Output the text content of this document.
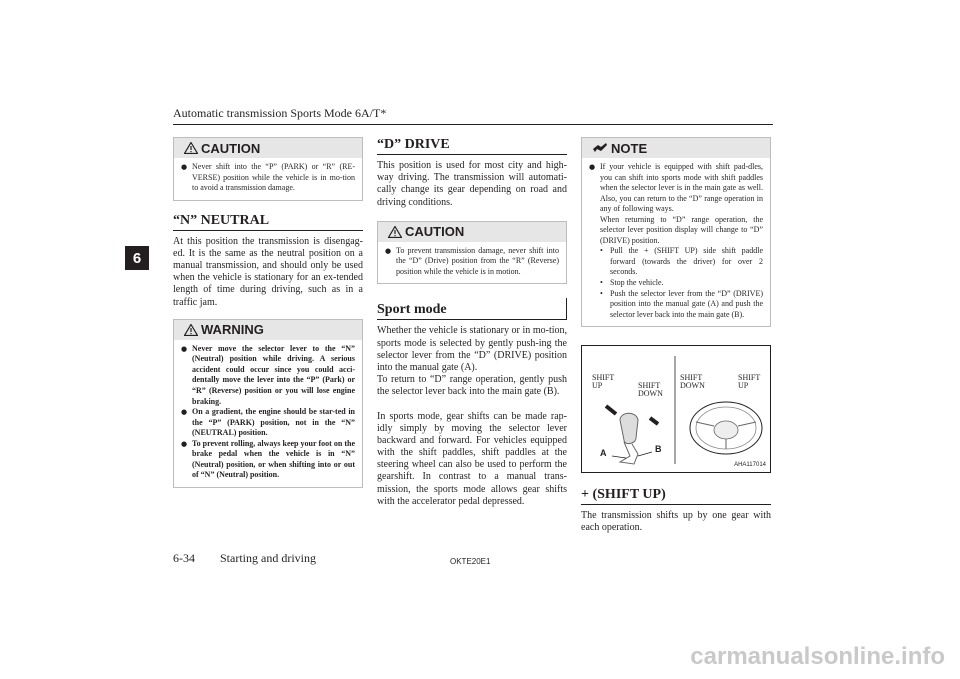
Automatic transmission Sports Mode 6A/T*
6
CAUTION
● Never shift into the “P” (PARK) or “R” (RE-VERSE) position while the vehicle is in mo-tion to avoid a transmission damage.
“N” NEUTRAL

At this position the transmission is disengag-ed. It is the same as the neutral position on a manual transmission, and should only be used when the vehicle is stationary for an ex-tended length of time during driving, such as in a traffic jam.

WARNING
● Never move the selector lever to the “N” (Neutral) position while driving. A serious accident could occur since you could acci-dentally move the lever into the “P” (Park) or “R” (Reverse) position or you will lose engine braking.
● On a gradient, the engine should be star-ted in the “P” (PARK) position, not in the “N” (NEUTRAL) position.
● To prevent rolling, always keep your foot on the brake pedal when the vehicle is in “N” (Neutral) position, or when shifting into or out of “N” (Neutral) position.
“D” DRIVE

This position is used for most city and high-way driving. The transmission will automati-cally change its gear depending on road and driving conditions.

CAUTION
● To prevent transmission damage, never shift into the “D” (Drive) position from the “R” (Reverse) position while the vehicle is in motion.
Sport mode

Whether the vehicle is stationary or in mo-tion, sports mode is selected by gently push-ing the selector lever from the “D” (DRIVE) position into the manual gate (A).

To return to “D” range operation, gently push the selector lever back into the main gate (B).

In sports mode, gear shifts can be made rap-idly simply by moving the selector lever backward and forward. For vehicles equipped with the shift paddles, shift paddles at the steering wheel can also be used to perform the gearshift. In contrast to a manual trans-mission, the sports mode allows gear shifts with the accelerator pedal depressed.

NOTE
● If your vehicle is equipped with shift pad-dles, you can shift into sports mode with shift paddles when the selector lever is in the main gate as well. Also, you can return to the “D” range operation in any of following ways.
When returning to “D” range operation, the selector lever position display will change to “D” (DRIVE) position.
• Pull the + (SHIFT UP) side shift paddle forward (towards the driver) for over 2 seconds.
• Stop the vehicle.
• Push the selector lever from the “D” (DRIVE) position into the manual gate (A) and push the selector lever back into the main gate (B).
SHIFT
UP	SHIFT
DOWN
SHIFT
DOWN
SHIFT
UP
A	B
AHA117014
+ (SHIFT UP)

The transmission shifts up by one gear with each operation.

6-34 Starting and driving	OKTE20E1
carmanualsonline.info
